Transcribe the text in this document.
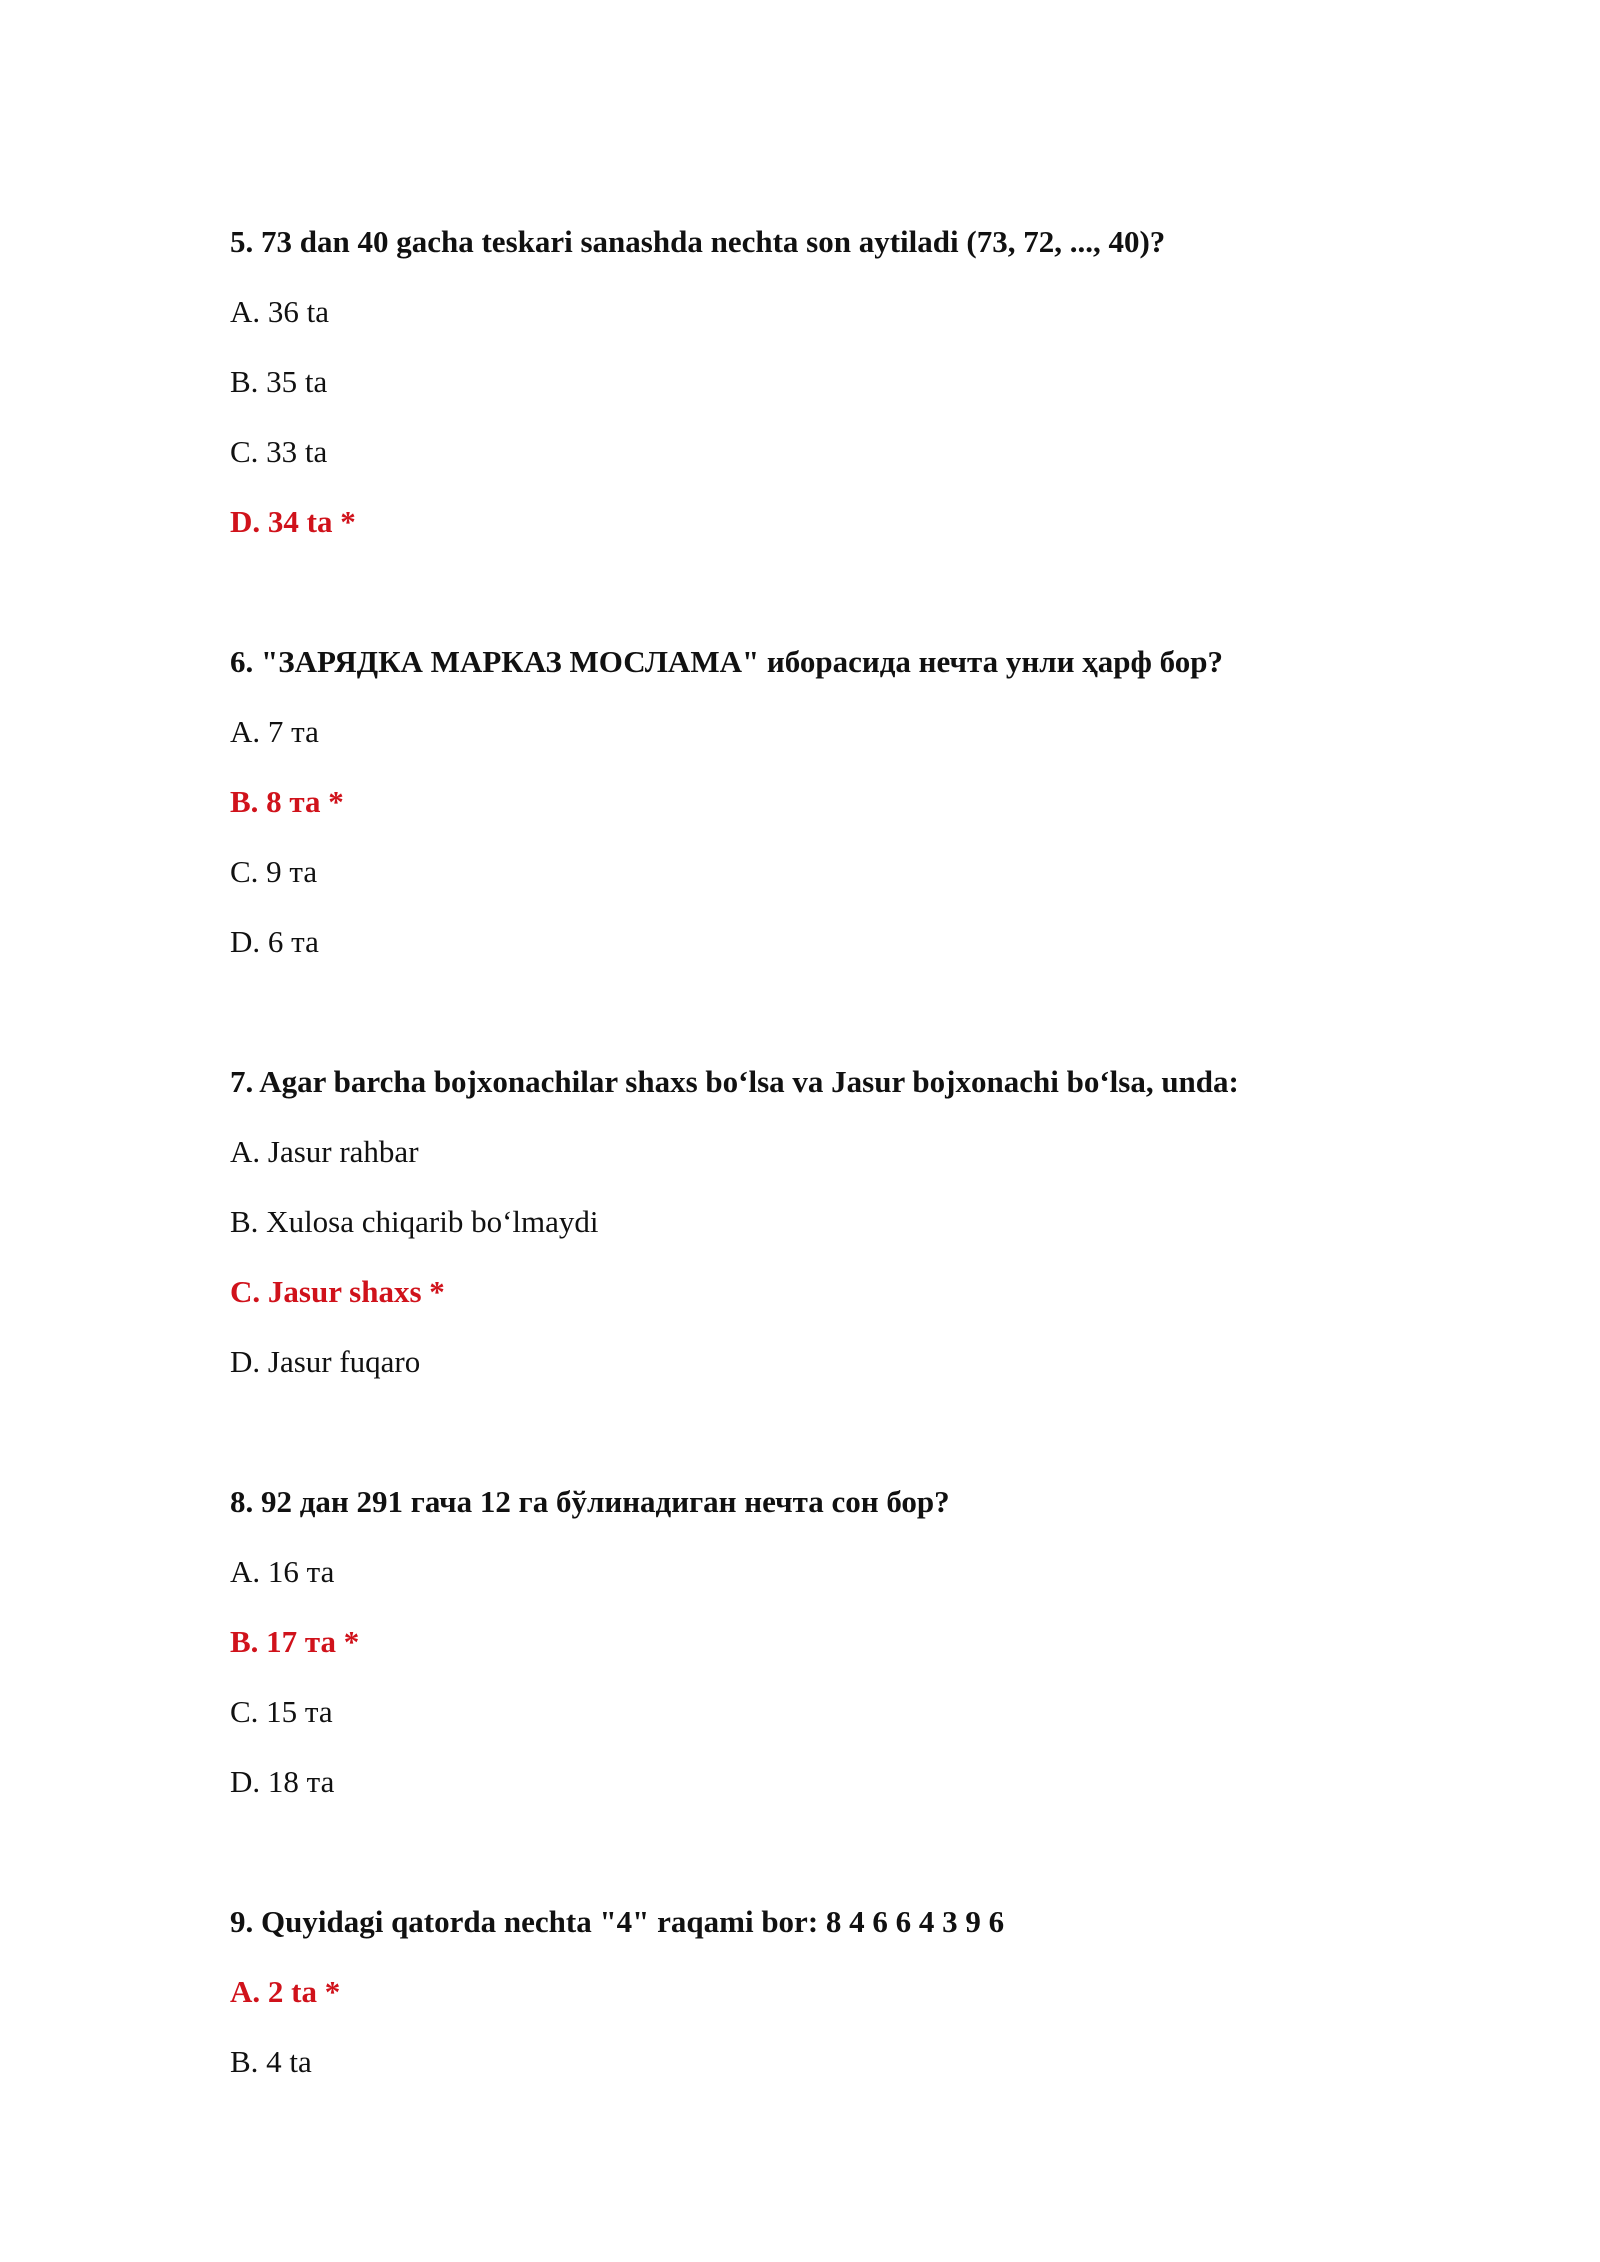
5. 73 dan 40 gacha teskari sanashda nechta son aytiladi (73, 72, ..., 40)?
A. 36 ta
B. 35 ta
C. 33 ta
D. 34 ta *
6. "ЗАРЯДКА МАРКАЗ МОСЛАМА" иборасида нечта унли ҳарф бор?
A. 7 та
B. 8 та *
C. 9 та
D. 6 та
7. Agar barcha bojxonachilar shaxs bo‘lsa va Jasur bojxonachi bo‘lsa, unda:
A. Jasur rahbar
B. Xulosa chiqarib bo‘lmaydi
C. Jasur shaxs *
D. Jasur fuqaro
8. 92 дан 291 гача 12 га бўлинадиган нечта сон бор?
A. 16 та
B. 17 та *
C. 15 та
D. 18 та
9. Quyidagi qatorda nechta "4" raqami bor: 8 4 6 6 4 3 9 6
A. 2 ta *
B. 4 ta
